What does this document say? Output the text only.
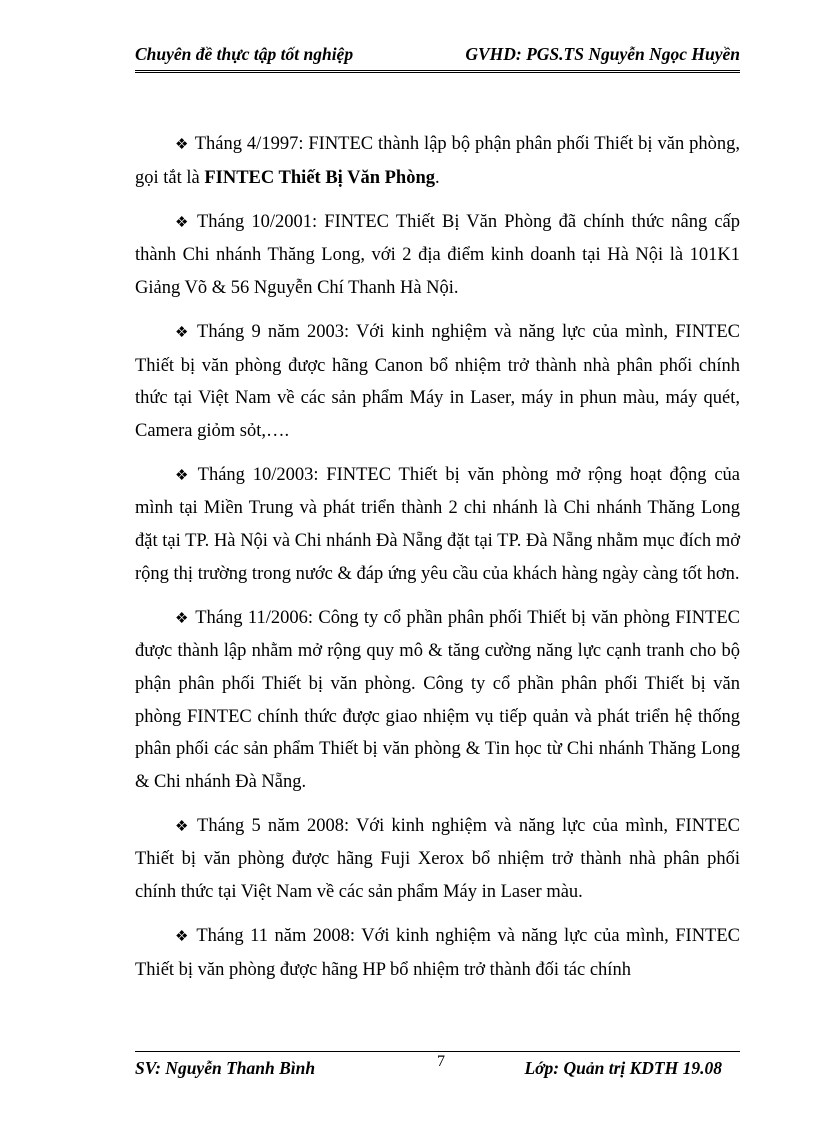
Chuyên đề thực tập tốt nghiệp	GVHD: PGS.TS Nguyễn Ngọc Huyền

❖ Tháng 4/1997: FINTEC thành lập bộ phận phân phối Thiết bị văn phòng, gọi tắt là FINTEC Thiết Bị Văn Phòng.

❖ Tháng 10/2001: FINTEC Thiết Bị Văn Phòng đã chính thức nâng cấp thành Chi nhánh Thăng Long, với 2 địa điểm kinh doanh tại Hà Nội là 101K1 Giảng Võ & 56 Nguyễn Chí Thanh Hà Nội.

❖ Tháng 9 năm 2003: Với kinh nghiệm và năng lực của mình, FINTEC Thiết bị văn phòng được hãng Canon bổ nhiệm trở thành nhà phân phối chính thức tại Việt Nam về các sản phẩm Máy in Laser, máy in phun màu, máy quét, Camera giỏm sỏt,….

❖ Tháng 10/2003: FINTEC Thiết bị văn phòng mở rộng hoạt động của mình tại Miền Trung và phát triển thành 2 chi nhánh là Chi nhánh Thăng Long đặt tại TP. Hà Nội và Chi nhánh Đà Nẵng đặt tại TP. Đà Nẵng nhằm mục đích mở rộng thị trường trong nước & đáp ứng yêu cầu của khách hàng ngày càng tốt hơn.

❖ Tháng 11/2006: Công ty cổ phần phân phối Thiết bị văn phòng FINTEC được thành lập nhằm mở rộng quy mô & tăng cường năng lực cạnh tranh cho bộ phận phân phối Thiết bị văn phòng. Công ty cổ phần phân phối Thiết bị văn phòng FINTEC chính thức được giao nhiệm vụ tiếp quản và phát triển hệ thống phân phối các sản phẩm Thiết bị văn phòng & Tin học từ Chi nhánh Thăng Long & Chi nhánh Đà Nẵng.

❖ Tháng 5 năm 2008: Với kinh nghiệm và năng lực của mình, FINTEC Thiết bị văn phòng được hãng Fuji Xerox bổ nhiệm trở thành nhà phân phối chính thức tại Việt Nam về các sản phẩm Máy in Laser màu.

❖ Tháng 11 năm 2008: Với kinh nghiệm và năng lực của mình, FINTEC Thiết bị văn phòng được hãng HP bổ nhiệm trở thành đối tác chính

SV: Nguyễn Thanh Bình	7	Lớp: Quản trị KDTH 19.08
